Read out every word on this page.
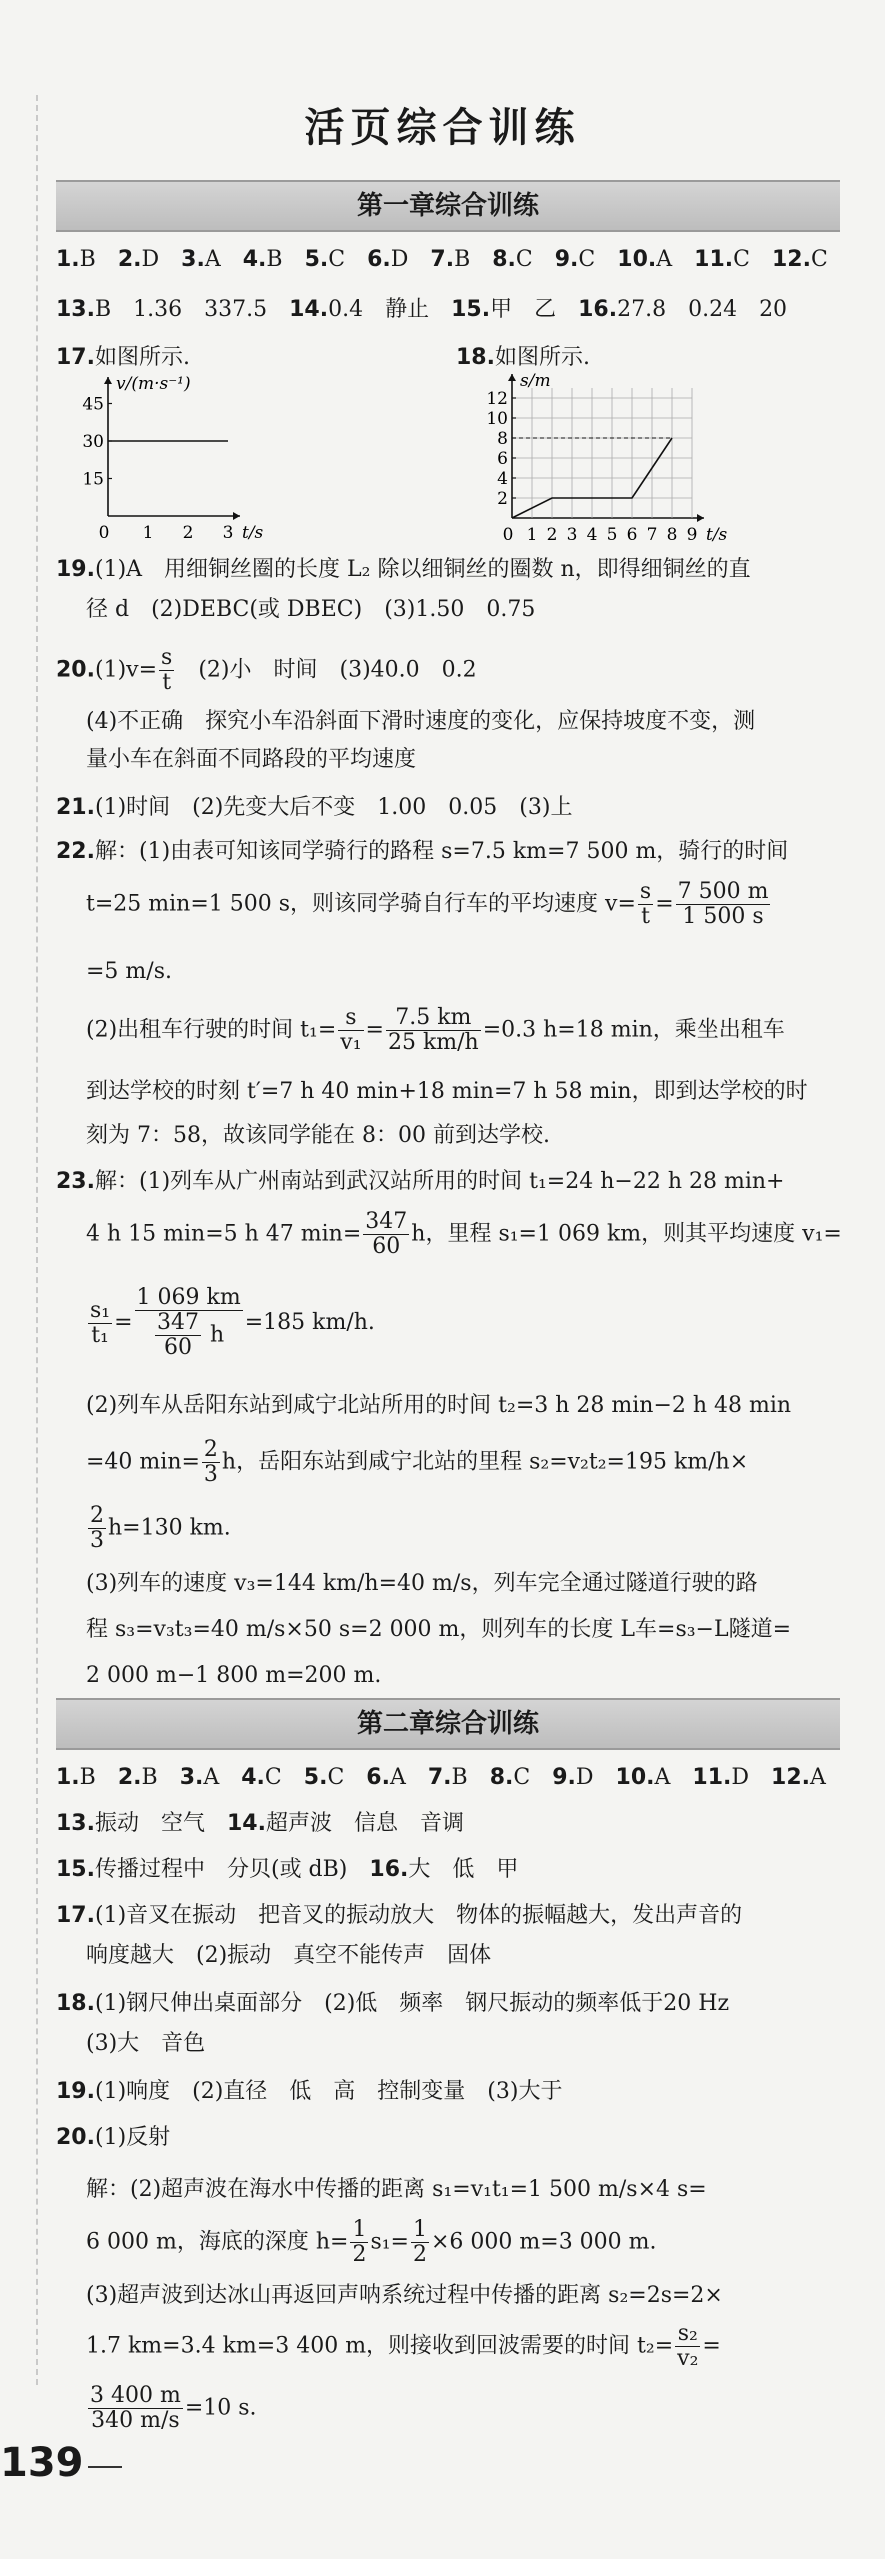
活页综合训练
第一章综合训练
1.B 2.D 3.A 4.B 5.C 6.D 7.B 8.C 9.C 10.A 11.C 12.C
13.B　1.36　337.5 14.0.4　静止 15.甲　乙 16.27.8　0.24　20
17.如图所示.	18.如图所示.
15
30
45
0 1 2 3
v/(m·s⁻¹)
t/s
2
4
6
8
10
12
0 1 2 3 4 5 6 7 8 9
s/m
t/s
19.(1)A　用细铜丝圈的长度 L₂ 除以细铜丝的圈数 n，即得细铜丝的直
径 d　(2)DEBC(或 DBEC)　(3)1.50　0.75
$20.(1)v= \frac{s}{t}$
　 (2)小　时间　(3)40.0　0.2
(4)不正确　探究小车沿斜面下滑时速度的变化，应保持坡度不变，测
量小车在斜面不同路段的平均速度
21.(1)时间　(2)先变大后不变　1.00　0.05　(3)上
22.解：(1)由表可知该同学骑行的路程 s=7.5 km=7 500 m，骑行的时间
t=25 min=1 500 s，则该同学骑自行车的平均速度 $v= \frac{s}{t} = \frac{7 500 m}{1 500 s}$
=5 m/s.
(2)出租车行驶的时间 $t_1= \frac{s}{\text{v₁}} = \frac{7.5 km}{25 km/h} =0.3$ h=18 min，乘坐出租车
到达学校的时刻 t′=7 h 40 min+18 min=7 h 58 min，即到达学校的时
刻为 7：58，故该同学能在 8：00 前到达学校.
23.解：(1)列车从广州南站到武汉站所用的时间 t₁=24 h−22 h 28 min+
4 h 15 min=5 h 47 $\min= \frac{347}{60}$ h，里程 s₁=1 069 km，则其平均速度 v₁=
$\frac{\text{s₁}}{\text{t₁}} = \frac{1 069 km}{\frac{347}{60} h} =185$ km/h.
(2)列车从岳阳东站到咸宁北站所用的时间 t₂=3 h 28 min−2 h 48 min
=40 $\min= \frac{2}{3}$ h，岳阳东站到咸宁北站的里程 s₂=v₂t₂=195 km/h×
$\frac{2}{3} h=130$ km.
(3)列车的速度 v₃=144 km/h=40 m/s，列车完全通过隧道行驶的路
程 s₃=v₃t₃=40 m/s×50 s=2 000 m，则列车的长度 L车=s₃−L隧道=
2 000 m−1 800 m=200 m.
第二章综合训练
1.B 2.B 3.A 4.C 5.C 6.A 7.B 8.C 9.D 10.A 11.D 12.A
13.振动　空气 14.超声波　信息　音调
15.传播过程中　分贝(或 dB) 16.大　低　甲
17.(1)音叉在振动　把音叉的振动放大　物体的振幅越大，发出声音的
响度越大　(2)振动　真空不能传声　固体
18.(1)钢尺伸出桌面部分　(2)低　频率　钢尺振动的频率低于20 Hz
(3)大　音色
19.(1)响度　(2)直径　低　高　控制变量　(3)大于
20.(1)反射
解：(2)超声波在海水中传播的距离 s₁=v₁t₁=1 500 m/s×4 s=
6 000 m，海底的深度 $h= \frac{1}{2} s_1= \frac{1}{2} \times 6$ 000 m=3 000 m.
(3)超声波到达冰山再返回声呐系统过程中传播的距离 s₂=2s=2×
1.7 km=3.4 km=3 400 m，则接收到回波需要的时间 $t_2= \frac{\text{s₂}}{\text{v₂}}$ =
$\frac{3 400 m}{340 m/s} =10$ s.
139
